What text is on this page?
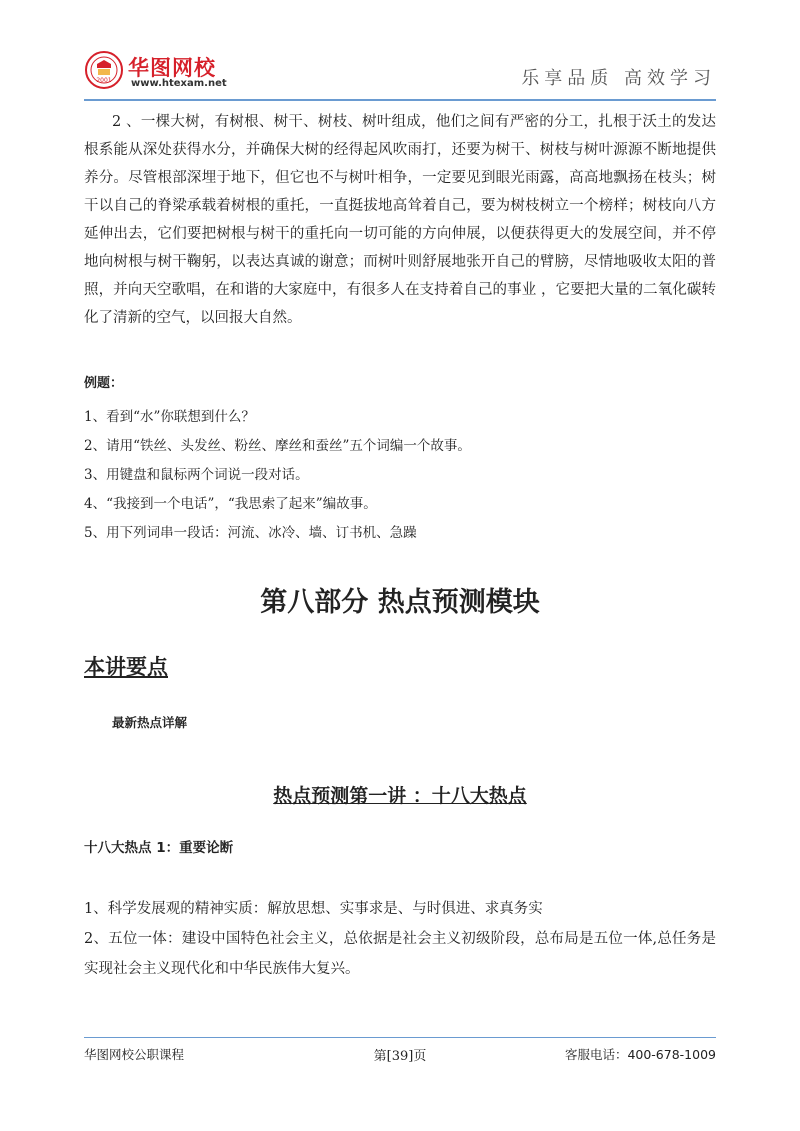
2001
华图网校
www.htexam.net	乐享品质 高效学习

2 、一棵大树，有树根、树干、树枝、树叶组成，他们之间有严密的分工，扎根于沃土的发达根系能从深处获得水分，并确保大树的经得起风吹雨打，还要为树干、树枝与树叶源源不断地提供养分。尽管根部深埋于地下，但它也不与树叶相争，一定要见到眼光雨露，高高地飘扬在枝头；树干以自己的脊梁承载着树根的重托，一直挺拔地高耸着自己，要为树枝树立一个榜样；树枝向八方延伸出去，它们要把树根与树干的重托向一切可能的方向伸展，以便获得更大的发展空间，并不停地向树根与树干鞠躬，以表达真诚的谢意；而树叶则舒展地张开自己的臂膀，尽情地吸收太阳的普照，并向天空歌唱，在和谐的大家庭中，有很多人在支持着自己的事业 ，它要把大量的二氧化碳转化了清新的空气，以回报大自然。

例题：

1、看到“水”你联想到什么？

2、请用“铁丝、头发丝、粉丝、摩丝和蚕丝”五个词编一个故事。

3、用键盘和鼠标两个词说一段对话。

4、“我接到一个电话”，“我思索了起来”编故事。

5、用下列词串一段话：河流、冰冷、墙、订书机、急躁

第八部分 热点预测模块
本讲要点

最新热点详解

热点预测第一讲 ：十八大热点

十八大热点 1：重要论断

1、科学发展观的精神实质：解放思想、实事求是、与时俱进、求真务实

2、五位一体：建设中国特色社会主义，总依据是社会主义初级阶段，总布局是五位一体,总任务是实现社会主义现代化和中华民族伟大复兴。

华图网校公职课程	第[39]页	客服电话：400-678-1009
